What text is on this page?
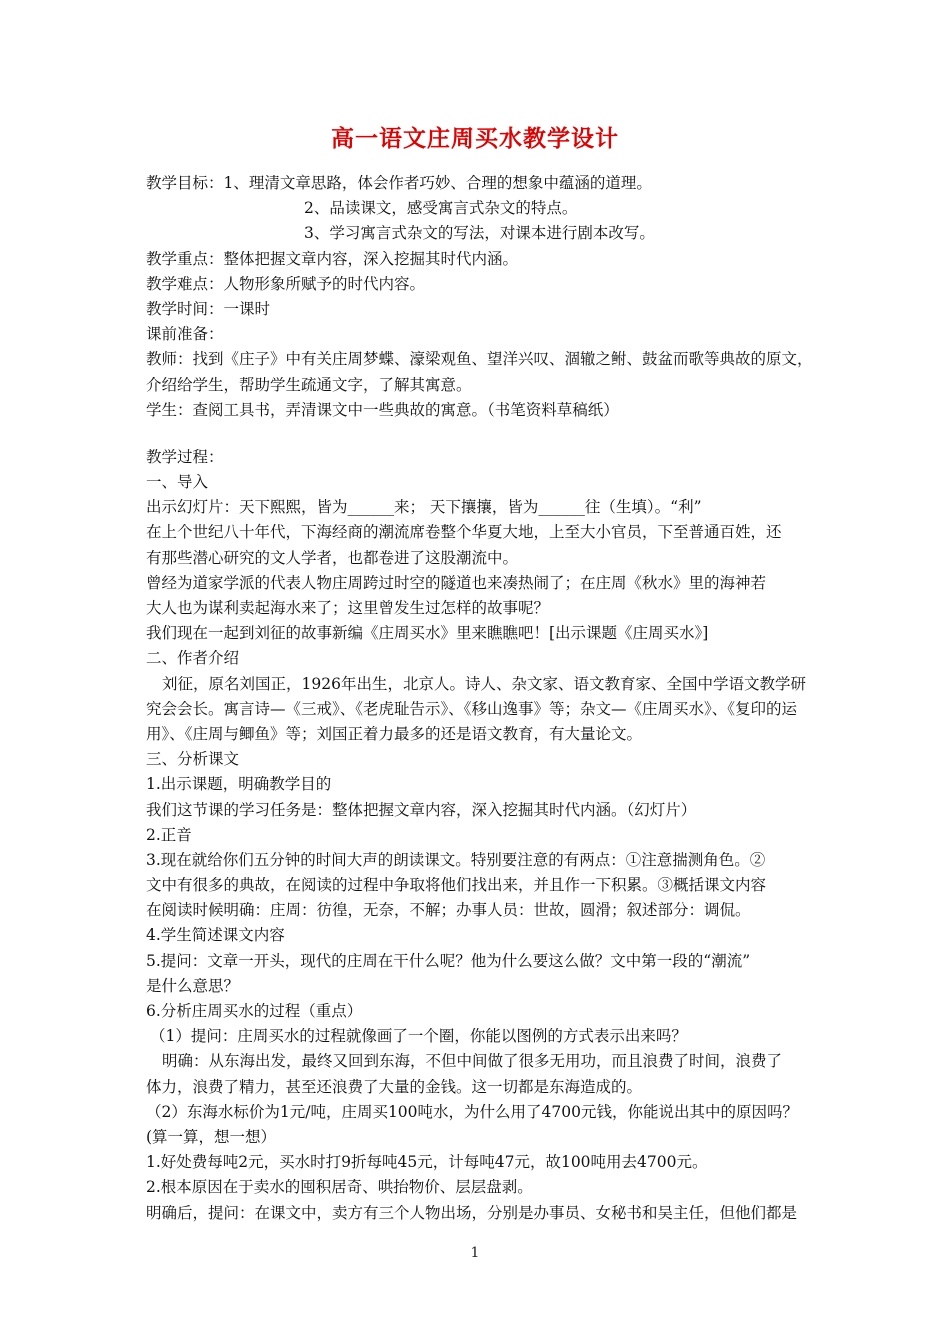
高一语文庄周买水教学设计
教学目标：1、理清文章思路，体会作者巧妙、合理的想象中蕴涵的道理。
2、品读课文，感受寓言式杂文的特点。
3、学习寓言式杂文的写法，对课本进行剧本改写。
教学重点：整体把握文章内容，深入挖掘其时代内涵。
教学难点：人物形象所赋予的时代内容。
教学时间：一课时
课前准备：
教师：找到《庄子》中有关庄周梦蝶、濠梁观鱼、望洋兴叹、涸辙之鲋、鼓盆而歌等典故的原文，
介绍给学生，帮助学生疏通文字，了解其寓意。
学生：查阅工具书，弄清课文中一些典故的寓意。（书笔资料草稿纸）
教学过程：
一、导入
出示幻灯片：天下熙熙，皆为______来； 天下攘攘，皆为______往（生填）。“利”
在上个世纪八十年代，下海经商的潮流席卷整个华夏大地，上至大小官员，下至普通百姓，还
有那些潜心研究的文人学者，也都卷进了这股潮流中。
曾经为道家学派的代表人物庄周跨过时空的隧道也来凑热闹了；在庄周《秋水》里的海神若
大人也为谋利卖起海水来了；这里曾发生过怎样的故事呢？
我们现在一起到刘征的故事新编《庄周买水》里来瞧瞧吧！[出示课题《庄周买水》]
二、作者介绍
刘征，原名刘国正，1926年出生，北京人。诗人、杂文家、语文教育家、全国中学语文教学研
究会会长。寓言诗—《三戒》、《老虎耻告示》、《移山逸事》等；杂文—《庄周买水》、《复印的运
用》、《庄周与鲫鱼》等；刘国正着力最多的还是语文教育，有大量论文。
三、分析课文
1.出示课题，明确教学目的
我们这节课的学习任务是：整体把握文章内容，深入挖掘其时代内涵。（幻灯片）
2.正音
3.现在就给你们五分钟的时间大声的朗读课文。特别要注意的有两点：①注意揣测角色。②
文中有很多的典故，在阅读的过程中争取将他们找出来，并且作一下积累。③概括课文内容
在阅读时候明确：庄周：彷徨，无奈，不解；办事人员：世故，圆滑；叙述部分：调侃。
4.学生简述课文内容
5.提问：文章一开头，现代的庄周在干什么呢？他为什么要这么做？文中第一段的“潮流”
是什么意思？
6.分析庄周买水的过程（重点）
（1）提问：庄周买水的过程就像画了一个圈，你能以图例的方式表示出来吗？
明确：从东海出发，最终又回到东海，不但中间做了很多无用功，而且浪费了时间，浪费了
体力，浪费了精力，甚至还浪费了大量的金钱。这一切都是东海造成的。
（2）东海水标价为1元/吨，庄周买100吨水，为什么用了4700元钱，你能说出其中的原因吗？
(算一算，想一想）
1.好处费每吨2元，买水时打9折每吨45元，计每吨47元，故100吨用去4700元。
2.根本原因在于卖水的囤积居奇、哄抬物价、层层盘剥。
明确后，提问：在课文中，卖方有三个人物出场，分别是办事员、女秘书和吴主任，但他们都是
1
